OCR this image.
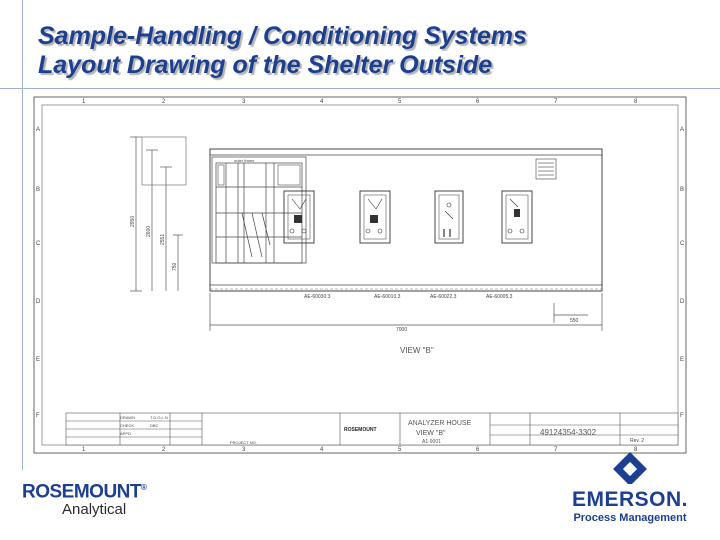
Sample-Handling / Conditioning Systems
Layout Drawing of the Shelter Outside
1	2	3	4	5	6	7	8
1	2	3	4	5	6	7	8
A
B
C
D
E
F
A
B
C
D
E
F
2950
2600
2551
750
outer frame
AE-60030.3	AE-60010.3	AE-60022.3	AE-60005.3
7000
550
VIEW "B"
DRAWN	T.G.O.L.N
CHECK	DBC
APPD
PROJECT NO.	Rev. 2
ROSEMOUNT
ANALYZER HOUSE
VIEW "B"
A1-9001
49124354-3302
ROSEMOUNT®
Analytical	EMERSON.
Process Management
